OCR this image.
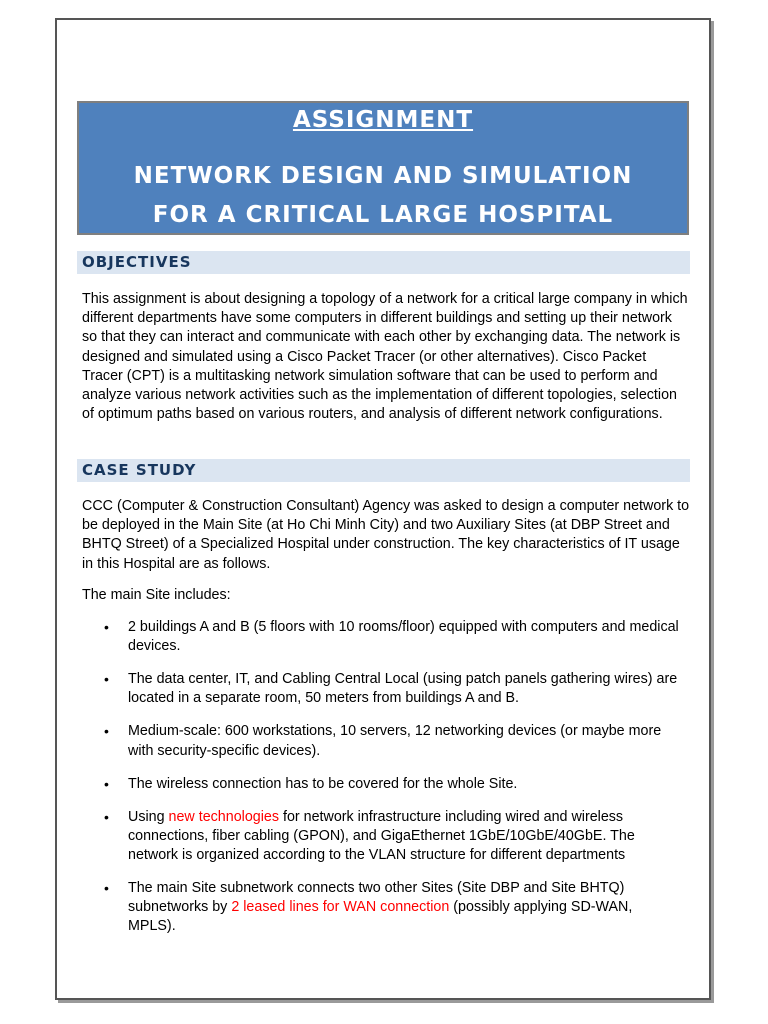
ASSIGNMENT
NETWORK DESIGN AND SIMULATION
FOR A CRITICAL LARGE HOSPITAL
OBJECTIVES

This assignment is about designing a topology of a network for a critical large company in which different departments have some computers in different buildings and setting up their network so that they can interact and communicate with each other by exchanging data. The network is designed and simulated using a Cisco Packet Tracer (or other alternatives). Cisco Packet Tracer (CPT) is a multitasking network simulation software that can be used to perform and analyze various network activities such as the implementation of different topologies, selection of optimum paths based on various routers, and analysis of different network configurations.

CASE STUDY

CCC (Computer & Construction Consultant) Agency was asked to design a computer network to be deployed in the Main Site (at Ho Chi Minh City) and two Auxiliary Sites (at DBP Street and BHTQ Street) of a Specialized Hospital under construction. The key characteristics of IT usage in this Hospital are as follows.

The main Site includes:

• 2 buildings A and B (5 floors with 10 rooms/floor) equipped with computers and medical devices.
• The data center, IT, and Cabling Central Local (using patch panels gathering wires) are located in a separate room, 50 meters from buildings A and B.
• Medium-scale: 600 workstations, 10 servers, 12 networking devices (or maybe more with security-specific devices).
• The wireless connection has to be covered for the whole Site.
• Using new technologies for network infrastructure including wired and wireless connections, fiber cabling (GPON), and GigaEthernet 1GbE/10GbE/40GbE. The network is organized according to the VLAN structure for different departments
• The main Site subnetwork connects two other Sites (Site DBP and Site BHTQ) subnetworks by 2 leased lines for WAN connection (possibly applying SD-WAN, MPLS).
